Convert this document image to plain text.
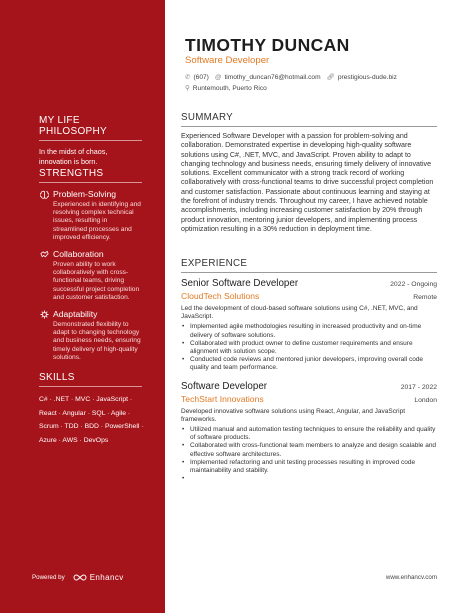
MY LIFE PHILOSOPHY
In the midst of chaos, innovation is born.
STRENGTHS
Problem-Solving
Experienced in identifying and resolving complex technical issues, resulting in streamlined processes and improved efficiency.
Collaboration
Proven ability to work collaboratively with cross-functional teams, driving successful project completion and customer satisfaction.
Adaptability
Demonstrated flexibility to adapt to changing technology and business needs, ensuring timely delivery of high-quality solutions.
SKILLS
C# · .NET · MVC · JavaScript ·
React · Angular · SQL · Agile ·
Scrum · TDD · BDD · PowerShell ·
Azure · AWS · DevOps
Powered by	Enhancv
TIMOTHY DUNCAN
Software Developer
✆ (607) @ timothy_duncan76@hotmail.com 🔗︎ prestigious-dude.biz
⚲ Runtemouth, Puerto Rico
SUMMARY
Experienced Software Developer with a passion for problem-solving and collaboration. Demonstrated expertise in developing high-quality software solutions using C#, .NET, MVC, and JavaScript. Proven ability to adapt to changing technology and business needs, ensuring timely delivery of innovative solutions. Excellent communicator with a strong track record of working collaboratively with cross-functional teams to drive successful project completion and customer satisfaction. Passionate about continuous learning and staying at the forefront of industry trends. Throughout my career, I have achieved notable accomplishments, including increasing customer satisfaction by 20% through product innovation, mentoring junior developers, and implementing process optimization resulting in a 30% reduction in deployment time.
EXPERIENCE
Senior Software Developer	2022 - Ongoing
CloudTech Solutions	Remote
Led the development of cloud-based software solutions using C#, .NET, MVC, and JavaScript.
• Implemented agile methodologies resulting in increased productivity and on-time delivery of software solutions.
• Collaborated with product owner to define customer requirements and ensure alignment with solution scope.
• Conducted code reviews and mentored junior developers, improving overall code quality and team performance.
Software Developer	2017 - 2022
TechStart Innovations	London
Developed innovative software solutions using React, Angular, and JavaScript frameworks.
• Utilized manual and automation testing techniques to ensure the reliability and quality of software products.
• Collaborated with cross-functional team members to analyze and design scalable and effective software architectures.
• Implemented refactoring and unit testing processes resulting in improved code maintainability and stability.
www.enhancv.com
